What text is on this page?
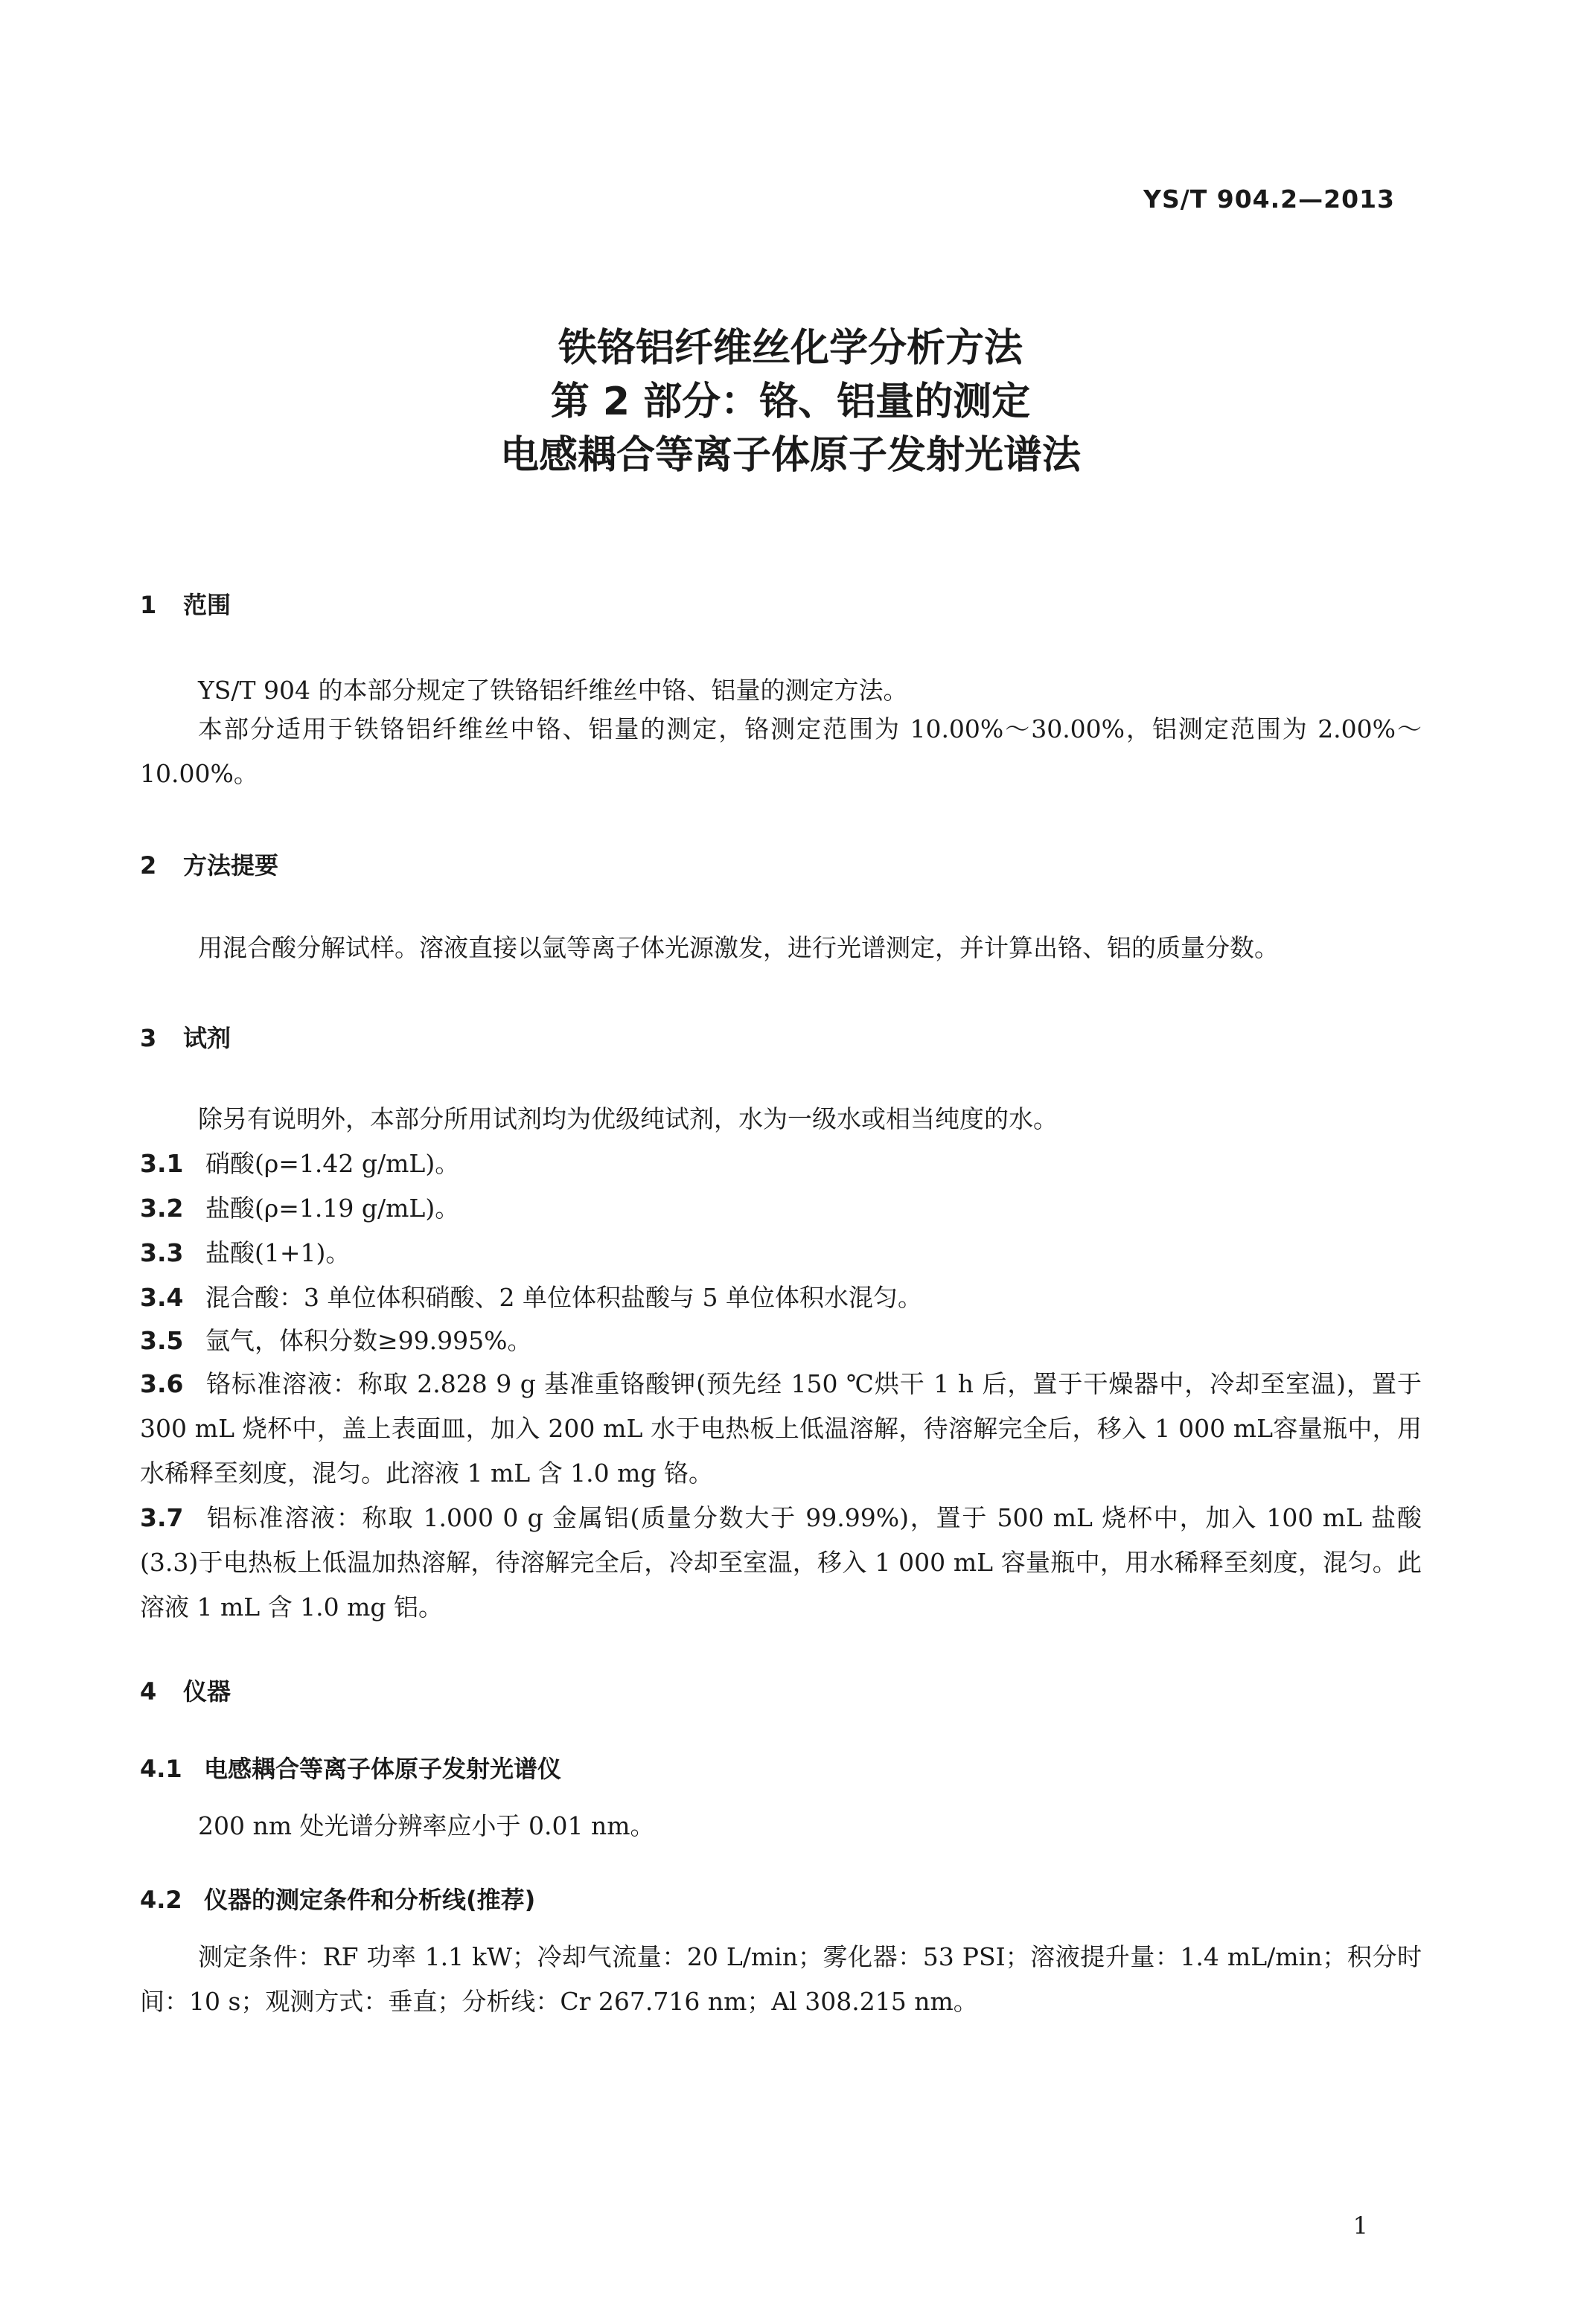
YS/T 904.2—2013
铁铬铝纤维丝化学分析方法
第 2 部分：铬、铝量的测定
电感耦合等离子体原子发射光谱法
1 范围
YS/T 904 的本部分规定了铁铬铝纤维丝中铬、铝量的测定方法。
本部分适用于铁铬铝纤维丝中铬、铝量的测定，铬测定范围为 10.00%～30.00%，铝测定范围为 2.00%～10.00%。
2 方法提要
用混合酸分解试样。溶液直接以氩等离子体光源激发，进行光谱测定，并计算出铬、铝的质量分数。
3 试剂
除另有说明外，本部分所用试剂均为优级纯试剂，水为一级水或相当纯度的水。
3.1 硝酸(ρ=1.42 g/mL)。
3.2 盐酸(ρ=1.19 g/mL)。
3.3 盐酸(1+1)。
3.4 混合酸：3 单位体积硝酸、2 单位体积盐酸与 5 单位体积水混匀。
3.5 氩气，体积分数≥99.995%。
3.6 铬标准溶液：称取 2.828 9 g 基准重铬酸钾(预先经 150 ℃烘干 1 h 后，置于干燥器中，冷却至室温)，置于 300 mL 烧杯中，盖上表面皿，加入 200 mL 水于电热板上低温溶解，待溶解完全后，移入 1 000 mL容量瓶中，用水稀释至刻度，混匀。此溶液 1 mL 含 1.0 mg 铬。
3.7 铝标准溶液：称取 1.000 0 g 金属铝(质量分数大于 99.99%)，置于 500 mL 烧杯中，加入 100 mL 盐酸(3.3)于电热板上低温加热溶解，待溶解完全后，冷却至室温，移入 1 000 mL 容量瓶中，用水稀释至刻度，混匀。此溶液 1 mL 含 1.0 mg 铝。
4 仪器
4.1 电感耦合等离子体原子发射光谱仪
200 nm 处光谱分辨率应小于 0.01 nm。
4.2 仪器的测定条件和分析线(推荐)
测定条件：RF 功率 1.1 kW；冷却气流量：20 L/min；雾化器：53 PSI；溶液提升量：1.4 mL/min；积分时间：10 s；观测方式：垂直；分析线：Cr 267.716 nm；Al 308.215 nm。
1
